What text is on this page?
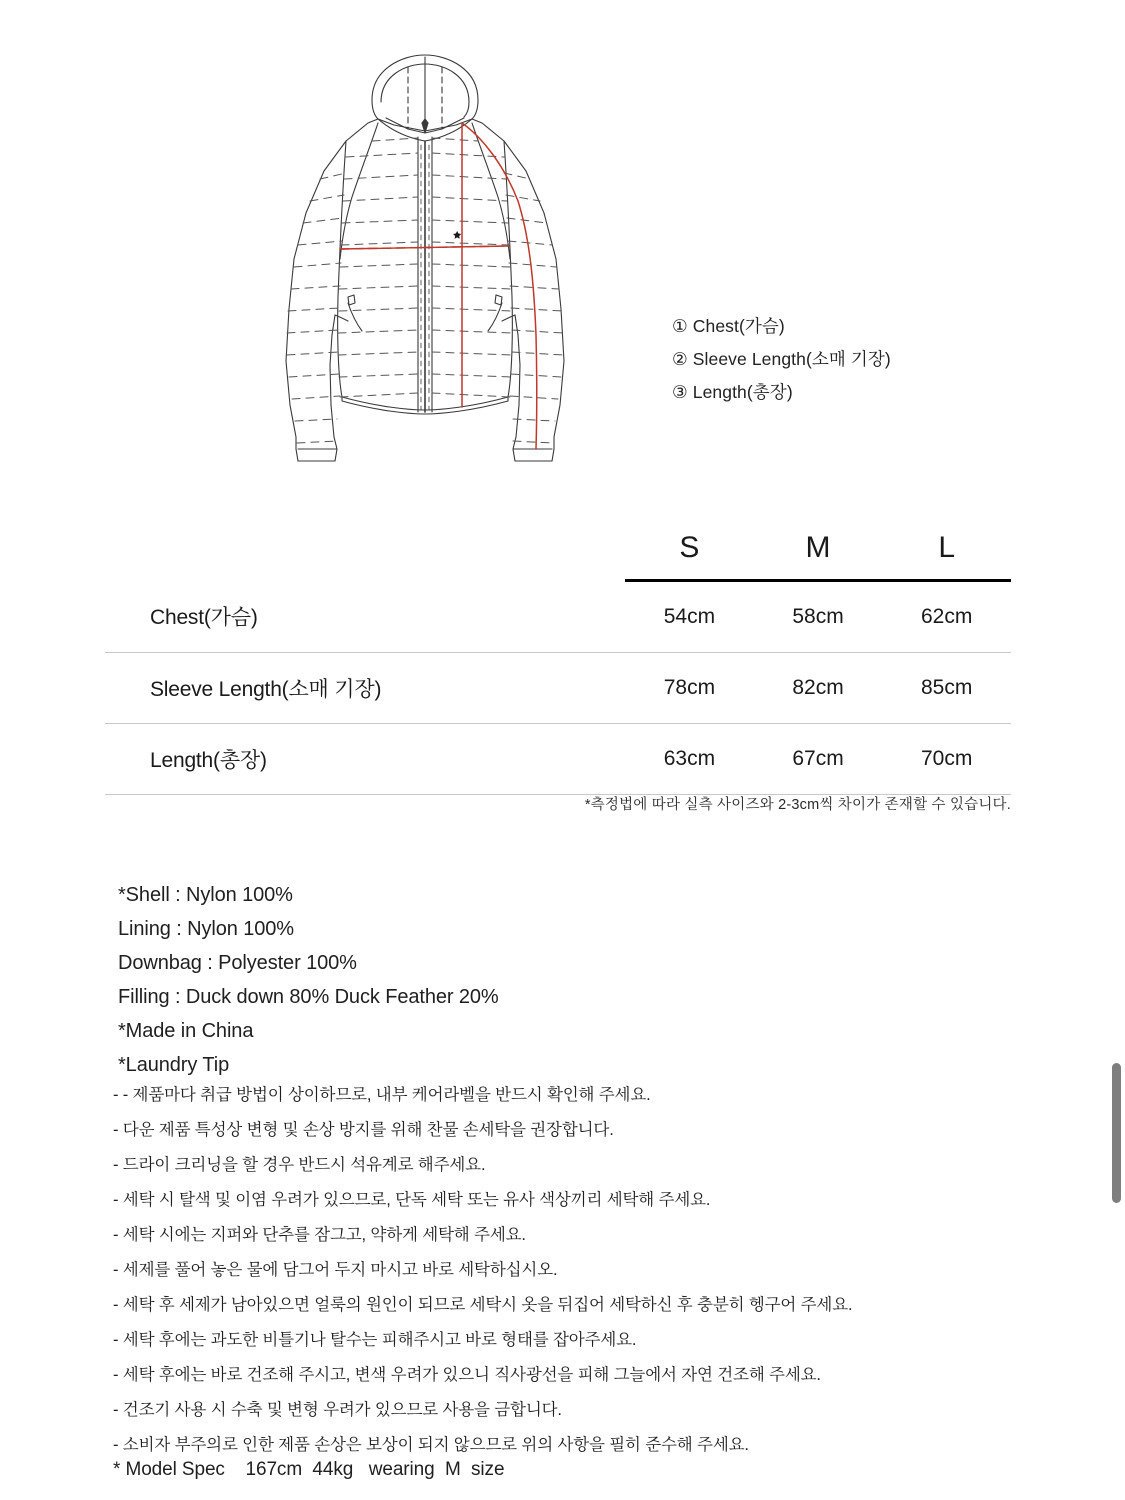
① Chest(가슴)
② Sleeve Length(소매 기장)
③ Length(총장)
	S	M	L
Chest(가슴)	54cm	58cm	62cm
Sleeve Length(소매 기장)	78cm	82cm	85cm
Length(총장)	63cm	67cm	70cm
*측정법에 따라 실측 사이즈와 2-3cm씩 차이가 존재할 수 있습니다.
*Shell : Nylon 100%
Lining : Nylon 100%
Downbag : Polyester 100%
Filling : Duck down 80% Duck Feather 20%
*Made in China
*Laundry Tip
- - 제품마다 취급 방법이 상이하므로, 내부 케어라벨을 반드시 확인해 주세요.
- 다운 제품 특성상 변형 및 손상 방지를 위해 찬물 손세탁을 권장합니다.
- 드라이 크리닝을 할 경우 반드시 석유계로 해주세요.
- 세탁 시 탈색 및 이염 우려가 있으므로, 단독 세탁 또는 유사 색상끼리 세탁해 주세요.
- 세탁 시에는 지퍼와 단추를 잠그고, 약하게 세탁해 주세요.
- 세제를 풀어 놓은 물에 담그어 두지 마시고 바로 세탁하십시오.
- 세탁 후 세제가 남아있으면 얼룩의 원인이 되므로 세탁시 옷을 뒤집어 세탁하신 후 충분히 헹구어 주세요.
- 세탁 후에는 과도한 비틀기나 탈수는 피해주시고 바로 형태를 잡아주세요.
- 세탁 후에는 바로 건조해 주시고, 변색 우려가 있으니 직사광선을 피해 그늘에서 자연 건조해 주세요.
- 건조기 사용 시 수축 및 변형 우려가 있으므로 사용을 금합니다.
- 소비자 부주의로 인한 제품 손상은 보상이 되지 않으므로 위의 사항을 필히 준수해 주세요.
* Model Spec    167cm  44kg   wearing  M  size
